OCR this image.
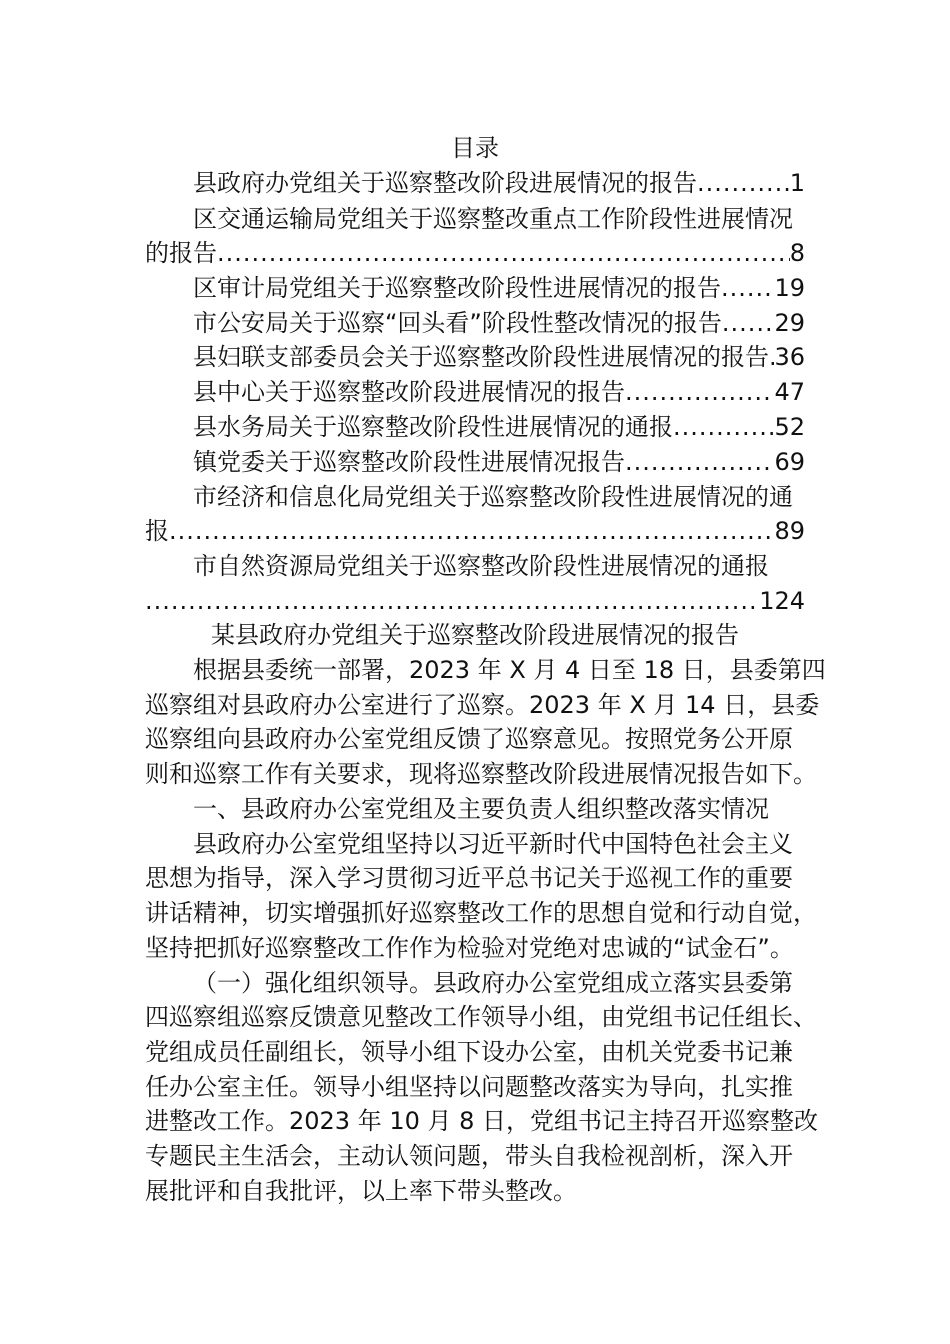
目录
县政府办党组关于巡察整改阶段进展情况的报告 .....	1
区交通运输局党组关于巡察整改重点工作阶段性进展情况
的报告 .....	8
区审计局党组关于巡察整改阶段性进展情况的报告 ..... 19
市公安局关于巡察“回头看”阶段性整改情况的报告 ..... 29
县妇联支部委员会关于巡察整改阶段性进展情况的报告 ..... 36
县中心关于巡察整改阶段进展情况的报告 .....	47
县水务局关于巡察整改阶段性进展情况的通报 .....	52
镇党委关于巡察整改阶段性进展情况报告 .....	69
市经济和信息化局党组关于巡察整改阶段性进展情况的通
报 .....	89
市自然资源局党组关于巡察整改阶段性进展情况的通报
.....
124
某县政府办党组关于巡察整改阶段进展情况的报告
根据县委统一部署，2023 年 X 月 4 日至 18 日，县委第四
巡察组对县政府办公室进行了巡察。2023 年 X 月 14 日，县委
巡察组向县政府办公室党组反馈了巡察意见。按照党务公开原
则和巡察工作有关要求，现将巡察整改阶段进展情况报告如下。
一、县政府办公室党组及主要负责人组织整改落实情况
县政府办公室党组坚持以习近平新时代中国特色社会主义
思想为指导，深入学习贯彻习近平总书记关于巡视工作的重要
讲话精神，切实增强抓好巡察整改工作的思想自觉和行动自觉，
坚持把抓好巡察整改工作作为检验对党绝对忠诚的“试金石”。
（一）强化组织领导。县政府办公室党组成立落实县委第
四巡察组巡察反馈意见整改工作领导小组，由党组书记任组长、
党组成员任副组长，领导小组下设办公室，由机关党委书记兼
任办公室主任。领导小组坚持以问题整改落实为导向，扎实推
进整改工作。2023 年 10 月 8 日，党组书记主持召开巡察整改
专题民主生活会，主动认领问题，带头自我检视剖析，深入开
展批评和自我批评，以上率下带头整改。
